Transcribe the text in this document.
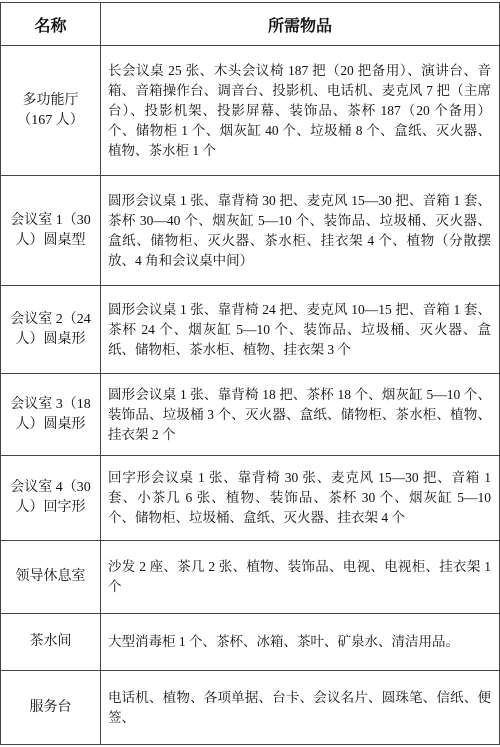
名称	所需物品
多功能厅（167 人）	长会议桌 25 张、木头会议椅 187 把（20 把备用）、演讲台、音箱、音箱操作台、调音台、投影机、电话机、麦克风 7 把（主席台）、投影机架、投影屏幕、装饰品、茶杯 187（20 个备用）个、储物柜 1 个、烟灰缸 40 个、垃圾桶 8 个、盒纸、灭火器、植物、茶水柜 1 个
会议室 1（30 人）圆桌型	圆形会议桌 1 张、靠背椅 30 把、麦克风 15—30 把、音箱 1 套、茶杯 30—40 个、烟灰缸 5—10 个、装饰品、垃圾桶、灭火器、盒纸、储物柜、灭火器、茶水柜、挂衣架 4 个、植物（分散摆放、4 角和会议桌中间）
会议室 2（24 人）圆桌形	圆形会议桌 1 张、靠背椅 24 把、麦克风 10—15 把、音箱 1 套、茶杯 24 个、烟灰缸 5—10 个、装饰品、垃圾桶、灭火器、盒纸、储物柜、茶水柜、植物、挂衣架 3 个
会议室 3（18 人）圆桌形	圆形会议桌 1 张、靠背椅 18 把、茶杯 18 个、烟灰缸 5—10 个、装饰品、垃圾桶 3 个、灭火器、盒纸、储物柜、茶水柜、植物、挂衣架 2 个
会议室 4（30 人）回字形	回字形会议桌 1 张、靠背椅 30 张、麦克风 15—30 把、音箱 1 套、小茶几 6 张、植物、装饰品、茶杯 30 个、烟灰缸 5—10 个、储物柜、垃圾桶、盒纸、灭火器、挂衣架 4 个
领导休息室	沙发 2 座、茶几 2 张、植物、装饰品、电视、电视柜、挂衣架 1 个
茶水间	大型消毒柜 1 个、茶杯、冰箱、茶叶、矿泉水、清洁用品。
服务台	电话机、植物、各项单据、台卡、会议名片、圆珠笔、信纸、便签、
